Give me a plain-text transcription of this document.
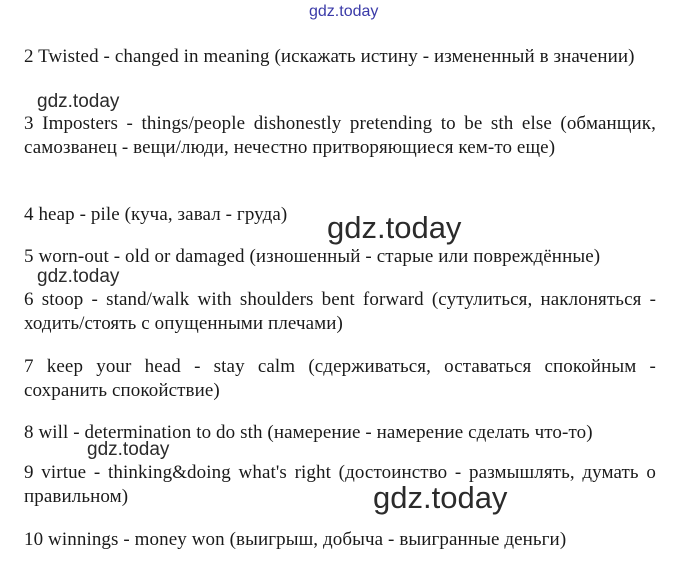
gdz.today
2 Twisted - changed in meaning (искажать истину - измененный в значении)
3 Imposters - things/people dishonestly pretending to be sth else (обманщик, самозванец - вещи/люди, нечестно притворяющиеся кем-то еще)
4 heap - pile (куча, завал - груда)
5 worn-out - old or damaged (изношенный - старые или повреждённые)
6 stoop - stand/walk with shoulders bent forward (сутулиться, наклоняться - ходить/стоять с опущенными плечами)
7 keep your head - stay calm (сдерживаться, оставаться спокойным - сохранить спокойствие)
8 will - determination to do sth (намерение - намерение сделать что-то)
9 virtue - thinking&doing what's right (достоинство - размышлять, думать о правильном)
10 winnings - money won (выигрыш, добыча - выигранные деньги)
gdz.today
gdz.today
gdz.today
gdz.today
gdz.today
